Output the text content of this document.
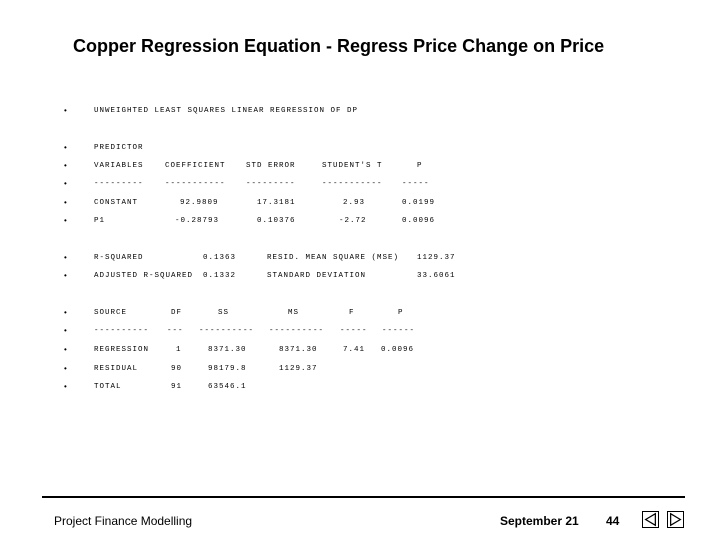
Copper Regression Equation - Regress Price Change on Price
•	UNWEIGHTED LEAST SQUARES LINEAR REGRESSION OF DP
•	PREDICTOR
•	VARIABLES	COEFFICIENT	STD ERROR	STUDENT'S T	P
•	---------	-----------	---------	-----------	-----
•	CONSTANT	92.9809	17.3181	2.93	0.0199
•	P1	-0.28793	0.10376	-2.72	0.0096
•	R-SQUARED	0.1363	RESID. MEAN SQUARE (MSE) 1129.37
•	ADJUSTED R-SQUARED 0.1332	STANDARD DEVIATION	33.6061
•	SOURCE	DF	SS	MS	F	P
•	---------- --- ---------- ---------- ----- ------
•	REGRESSION	1	8371.30	8371.30	7.41 0.0096
•	RESIDUAL	90	98179.8	1129.37
•	TOTAL	91	63546.1
Project Finance Modelling	September 21 44
